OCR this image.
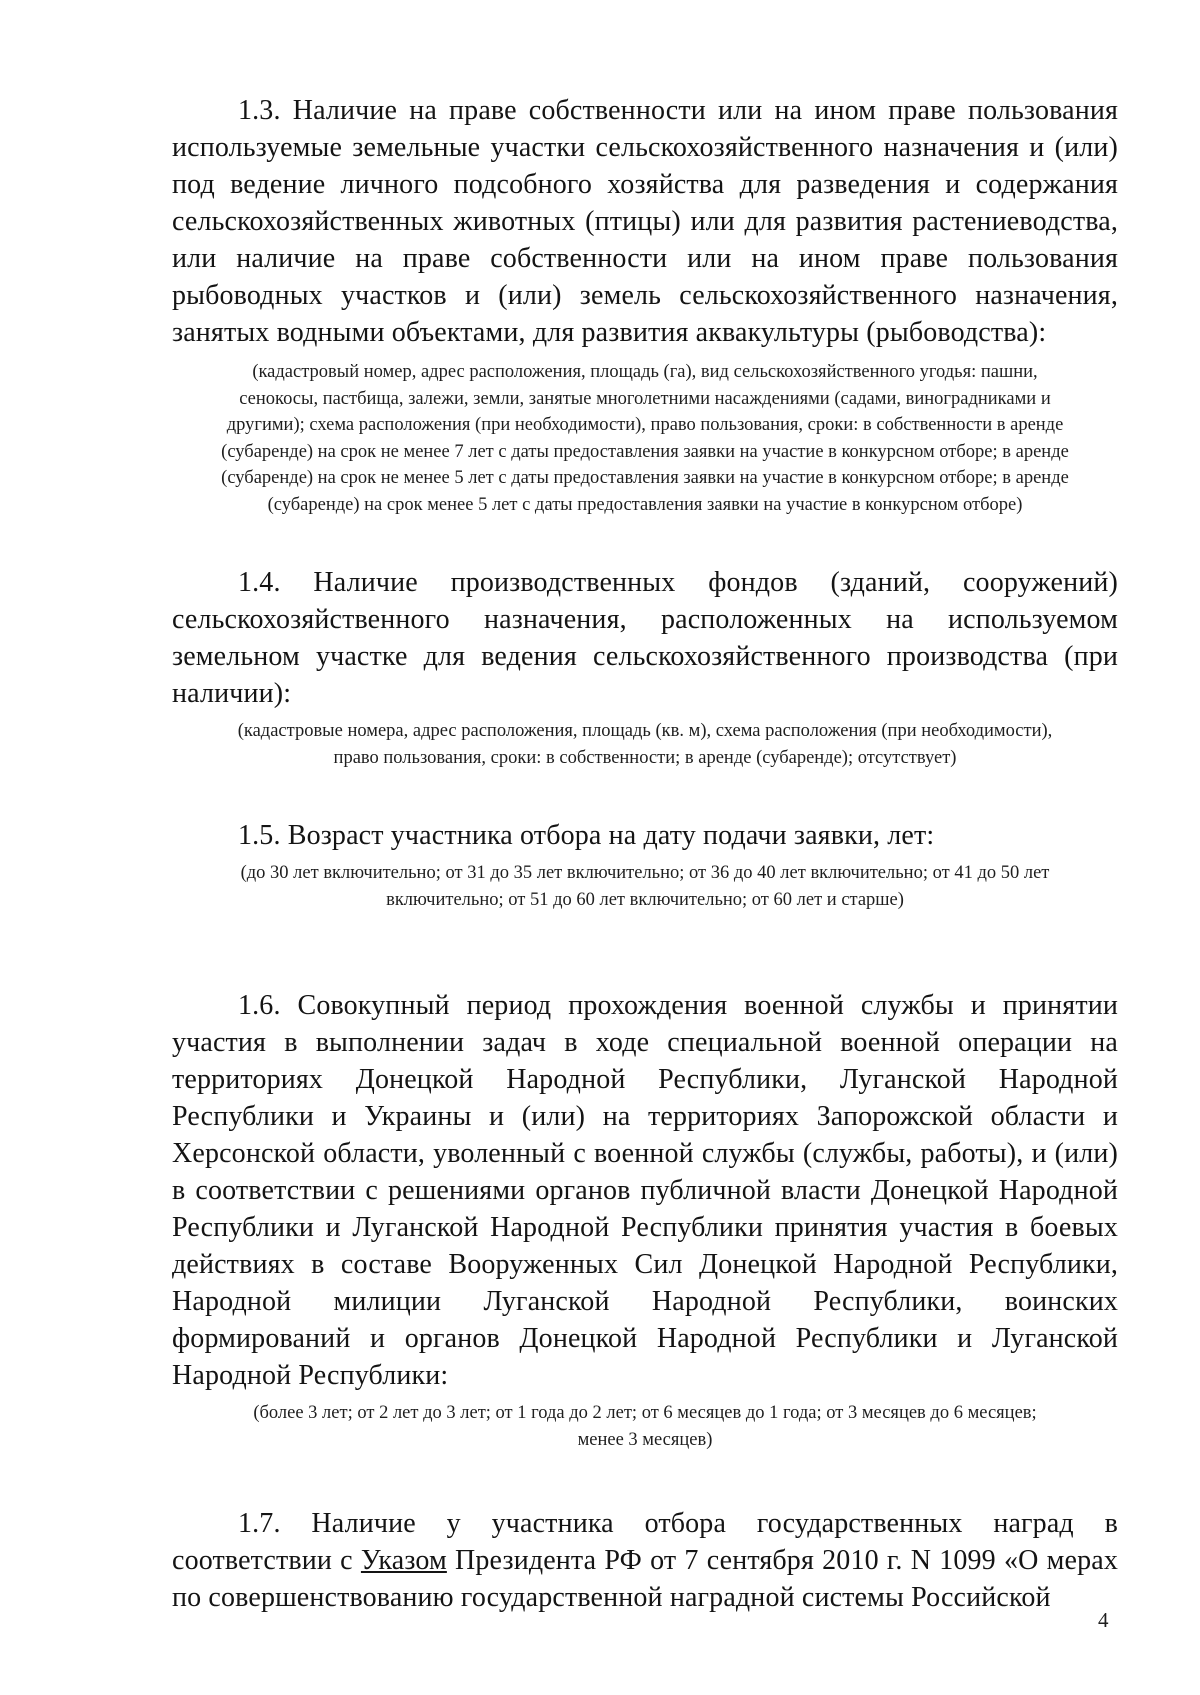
1.3. Наличие на праве собственности или на ином праве пользования используемые земельные участки сельскохозяйственного назначения и (или) под ведение личного подсобного хозяйства для разведения и содержания сельскохозяйственных животных (птицы) или для развития растениеводства, или наличие на праве собственности или на ином праве пользования рыбоводных участков и (или) земель сельскохозяйственного назначения, занятых водными объектами, для развития аквакультуры (рыбоводства):

(кадастровый номер, адрес расположения, площадь (га), вид сельскохозяйственного угодья: пашни,
сенокосы, пастбища, залежи, земли, занятые многолетними насаждениями (садами, виноградниками и
другими); схема расположения (при необходимости), право пользования, сроки: в собственности в аренде
(субаренде) на срок не менее 7 лет с даты предоставления заявки на участие в конкурсном отборе; в аренде
(субаренде) на срок не менее 5 лет с даты предоставления заявки на участие в конкурсном отборе; в аренде
(субаренде) на срок менее 5 лет с даты предоставления заявки на участие в конкурсном отборе)

1.4. Наличие производственных фондов (зданий, сооружений) сельскохозяйственного назначения, расположенных на используемом земельном участке для ведения сельскохозяйственного производства (при наличии):

(кадастровые номера, адрес расположения, площадь (кв. м), схема расположения (при необходимости),
право пользования, сроки: в собственности; в аренде (субаренде); отсутствует)

1.5. Возраст участника отбора на дату подачи заявки, лет:

(до 30 лет включительно; от 31 до 35 лет включительно; от 36 до 40 лет включительно; от 41 до 50 лет
включительно; от 51 до 60 лет включительно; от 60 лет и старше)

1.6. Совокупный период прохождения военной службы и принятии участия в выполнении задач в ходе специальной военной операции на территориях Донецкой Народной Республики, Луганской Народной Республики и Украины и (или) на территориях Запорожской области и Херсонской области, уволенный с военной службы (службы, работы), и (или) в соответствии с решениями органов публичной власти Донецкой Народной Республики и Луганской Народной Республики принятия участия в боевых действиях в составе Вооруженных Сил Донецкой Народной Республики, Народной милиции Луганской Народной Республики, воинских формирований и органов Донецкой Народной Республики и Луганской Народной Республики:

(более 3 лет; от 2 лет до 3 лет; от 1 года до 2 лет; от 6 месяцев до 1 года; от 3 месяцев до 6 месяцев;
менее 3 месяцев)

1.7. Наличие у участника отбора государственных наград в соответствии с Указом Президента РФ от 7 сентября 2010 г. N 1099 «О мерах по совершенствованию государственной наградной системы Российской

4
